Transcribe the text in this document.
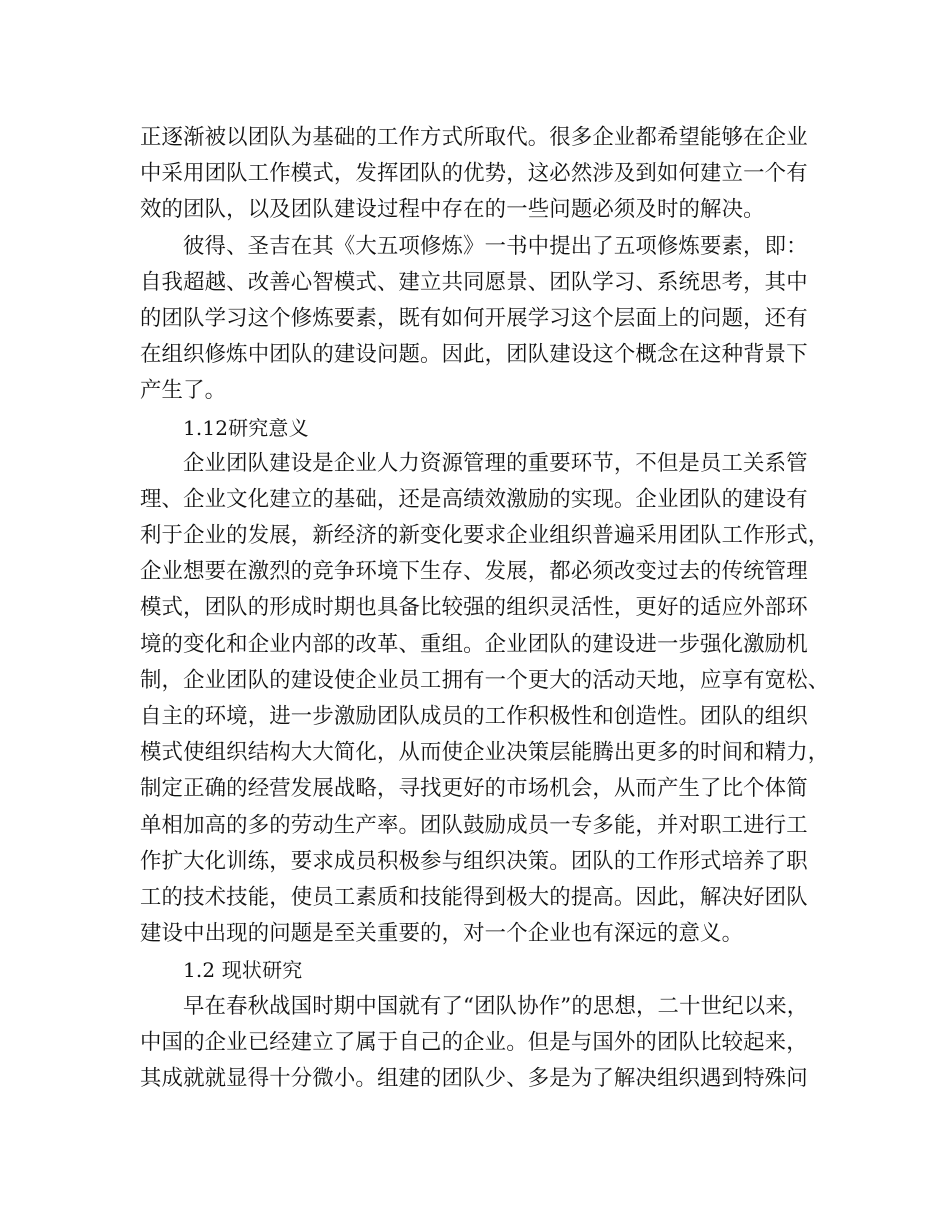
正逐渐被以团队为基础的工作方式所取代。很多企业都希望能够在企业
中采用团队工作模式，发挥团队的优势，这必然涉及到如何建立一个有
效的团队，以及团队建设过程中存在的一些问题必须及时的解决。
彼得、圣吉在其《大五项修炼》一书中提出了五项修炼要素，即：
自我超越、改善心智模式、建立共同愿景、团队学习、系统思考，其中
的团队学习这个修炼要素，既有如何开展学习这个层面上的问题，还有
在组织修炼中团队的建设问题。因此，团队建设这个概念在这种背景下
产生了。
1.12研究意义
企业团队建设是企业人力资源管理的重要环节，不但是员工关系管
理、企业文化建立的基础，还是高绩效激励的实现。企业团队的建设有
利于企业的发展，新经济的新变化要求企业组织普遍采用团队工作形式，
企业想要在激烈的竞争环境下生存、发展，都必须改变过去的传统管理
模式，团队的形成时期也具备比较强的组织灵活性，更好的适应外部环
境的变化和企业内部的改革、重组。企业团队的建设进一步强化激励机
制，企业团队的建设使企业员工拥有一个更大的活动天地，应享有宽松、
自主的环境，进一步激励团队成员的工作积极性和创造性。团队的组织
模式使组织结构大大简化，从而使企业决策层能腾出更多的时间和精力，
制定正确的经营发展战略，寻找更好的市场机会，从而产生了比个体简
单相加高的多的劳动生产率。团队鼓励成员一专多能，并对职工进行工
作扩大化训练，要求成员积极参与组织决策。团队的工作形式培养了职
工的技术技能，使员工素质和技能得到极大的提高。因此，解决好团队
建设中出现的问题是至关重要的，对一个企业也有深远的意义。
1.2 现状研究
早在春秋战国时期中国就有了“团队协作”的思想，二十世纪以来，
中国的企业已经建立了属于自己的企业。但是与国外的团队比较起来，
其成就就显得十分微小。组建的团队少、多是为了解决组织遇到特殊问
